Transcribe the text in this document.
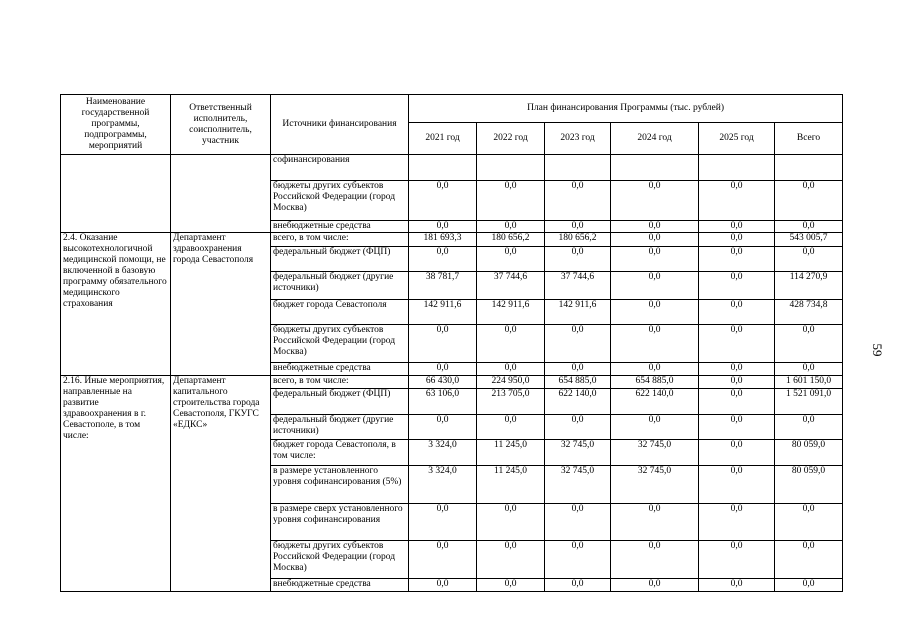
Наименование государственной программы, подпрограммы, мероприятий	Ответственный исполнитель, соисполнитель, участник	Источники финансирования	План финансирования Программы (тыс. рублей)					
			2021 год	2022 год	2023 год	2024 год	2025 год	Всего
		софинансирования						
		бюджеты других субъектов Российской Федерации (город Москва)	0,0	0,0	0,0	0,0	0,0	0,0
		внебюджетные средства	0,0	0,0	0,0	0,0	0,0	0,0
2.4. Оказание высокотехнологичной медицинской помощи, не включенной в базовую программу обязательного медицинского страхования	Департамент здравоохранения города Севастополя	всего, в том числе:	181 693,3	180 656,2	180 656,2	0,0	0,0	543 005,7
		федеральный бюджет (ФЦП)	0,0	0,0	0,0	0,0	0,0	0,0
		федеральный бюджет (другие источники)	38 781,7	37 744,6	37 744,6	0,0	0,0	114 270,9
		бюджет города Севастополя	142 911,6	142 911,6	142 911,6	0,0	0,0	428 734,8
		бюджеты других субъектов Российской Федерации (город Москва)	0,0	0,0	0,0	0,0	0,0	0,0
		внебюджетные средства	0,0	0,0	0,0	0,0	0,0	0,0
2.16. Иные мероприятия, направленные на развитие здравоохранения в г. Севастополе, в том числе:	Департамент капитального строительства города Севастополя, ГКУГС «ЕДКС»	всего, в том числе:	66 430,0	224 950,0	654 885,0	654 885,0	0,0	1 601 150,0
		федеральный бюджет (ФЦП)	63 106,0	213 705,0	622 140,0	622 140,0	0,0	1 521 091,0
		федеральный бюджет (другие источники)	0,0	0,0	0,0	0,0	0,0	0,0
		бюджет города Севастополя, в том числе:	3 324,0	11 245,0	32 745,0	32 745,0	0,0	80 059,0
		в размере установленного уровня софинансирования (5%)	3 324,0	11 245,0	32 745,0	32 745,0	0,0	80 059,0
		в размере сверх установленного уровня софинансирования	0,0	0,0	0,0	0,0	0,0	0,0
		бюджеты других субъектов Российской Федерации (город Москва)	0,0	0,0	0,0	0,0	0,0	0,0
		внебюджетные средства	0,0	0,0	0,0	0,0	0,0	0,0
59
